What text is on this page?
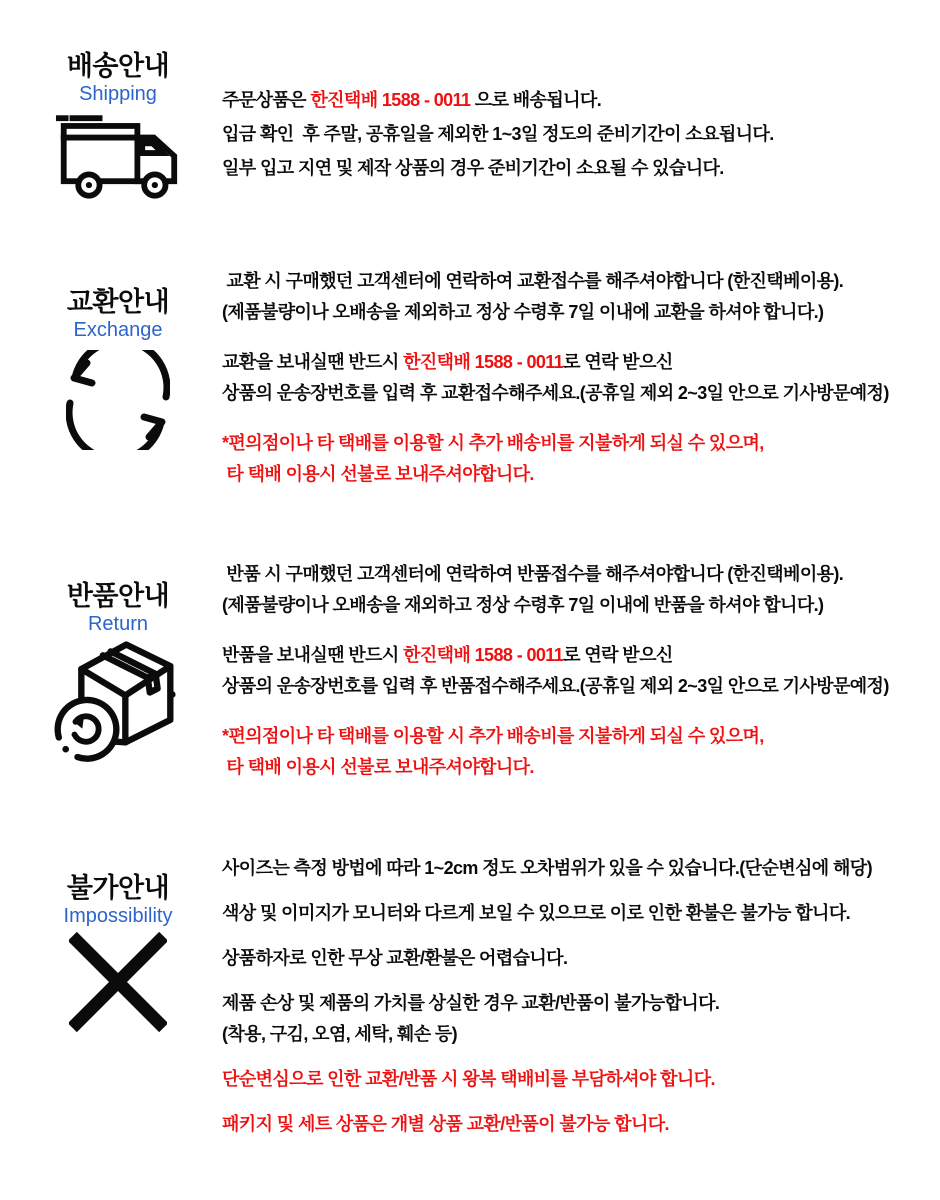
배송안내
Shipping	주문상품은 한진택배 1588 - 0011 으로 배송됩니다.
입금 확인  후 주말, 공휴일을 제외한 1~3일 정도의 준비기간이 소요됩니다.
일부 입고 지연 및 제작 상품의 경우 준비기간이 소요될 수 있습니다.
교환안내
Exchange
교환 시 구매했던 고객센터에 연락하여 교환접수를 해주셔야합니다 (한진택베이용).
(제품불량이나 오배송을 제외하고 정상 수령후 7일 이내에 교환을 하셔야 합니다.)
교환을 보내실땐 반드시 한진택배 1588 - 0011로 연락 받으신
상품의 운송장번호를 입력 후 교환접수해주세요.(공휴일 제외 2~3일 안으로 기사방문예정)
*편의점이나 타 택배를 이용할 시 추가 배송비를 지불하게 되실 수 있으며,
타 택배 이용시 선불로 보내주셔야합니다.
반품안내
Return
반품 시 구매했던 고객센터에 연락하여 반품접수를 해주셔야합니다 (한진택베이용).
(제품불량이나 오배송을 재외하고 정상 수령후 7일 이내에 반품을 하셔야 합니다.)
반품을 보내실땐 반드시 한진택배 1588 - 0011로 연락 받으신
상품의 운송장번호를 입력 후 반품접수해주세요.(공휴일 제외 2~3일 안으로 기사방문예정)
*편의점이나 타 택배를 이용할 시 추가 배송비를 지불하게 되실 수 있으며,
타 택배 이용시 선불로 보내주셔야합니다.
불가안내
Impossibility
사이즈는 측정 방법에 따라 1~2cm 정도 오차범위가 있을 수 있습니다.(단순변심에 해당)
색상 및 이미지가 모니터와 다르게 보일 수 있으므로 이로 인한 환불은 불가능 합니다.
상품하자로 인한 무상 교환/환불은 어렵습니다.
제품 손상 및 제품의 가치를 상실한 경우 교환/반품이 불가능합니다.
(착용, 구김, 오염, 세탁, 훼손 등)
단순변심으로 인한 교환/반품 시 왕복 택배비를 부담하셔야 합니다.
패키지 및 세트 상품은 개별 상품 교환/반품이 불가능 합니다.
